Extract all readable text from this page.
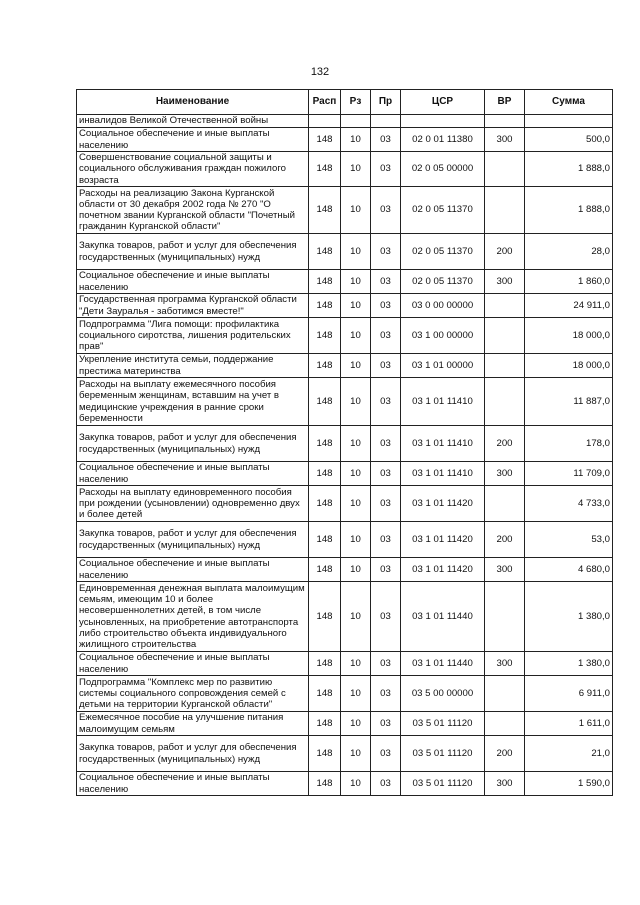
132
Наименование	Расп	Рз	Пр	ЦСР	ВР	Сумма
инвалидов Великой Отечественной войны						
Социальное обеспечение и иные выплаты населению	148	10	03	02 0 01 11380	300	500,0
Совершенствование социальной защиты и социального обслуживания граждан пожилого возраста	148	10	03	02 0 05 00000		1 888,0
Расходы на реализацию Закона Курганской области от 30 декабря 2002 года № 270 "О почетном звании Курганской области "Почетный гражданин Курганской области"	148	10	03	02 0 05 11370		1 888,0
Закупка товаров, работ и услуг для обеспечения государственных (муниципальных) нужд	148	10	03	02 0 05 11370	200	28,0
Социальное обеспечение и иные выплаты населению	148	10	03	02 0 05 11370	300	1 860,0
Государственная программа Курганской области "Дети Зауралья - заботимся вместе!"	148	10	03	03 0 00 00000		24 911,0
Подпрограмма "Лига помощи: профилактика социального сиротства, лишения родительских прав"	148	10	03	03 1 00 00000		18 000,0
Укрепление института семьи, поддержание престижа материнства	148	10	03	03 1 01 00000		18 000,0
Расходы на выплату ежемесячного пособия беременным женщинам, вставшим на учет в медицинские учреждения в ранние сроки беременности	148	10	03	03 1 01 11410		11 887,0
Закупка товаров, работ и услуг для обеспечения государственных (муниципальных) нужд	148	10	03	03 1 01 11410	200	178,0
Социальное обеспечение и иные выплаты населению	148	10	03	03 1 01 11410	300	11 709,0
Расходы на выплату единовременного пособия при рождении (усыновлении) одновременно двух и более детей	148	10	03	03 1 01 11420		4 733,0
Закупка товаров, работ и услуг для обеспечения государственных (муниципальных) нужд	148	10	03	03 1 01 11420	200	53,0
Социальное обеспечение и иные выплаты населению	148	10	03	03 1 01 11420	300	4 680,0
Единовременная денежная выплата малоимущим семьям, имеющим 10 и более несовершеннолетних детей, в том числе усыновленных, на приобретение автотранспорта либо строительство объекта индивидуального жилищного строительства	148	10	03	03 1 01 11440		1 380,0
Социальное обеспечение и иные выплаты населению	148	10	03	03 1 01 11440	300	1 380,0
Подпрограмма "Комплекс мер по развитию системы социального сопровождения семей с детьми на территории Курганской области"	148	10	03	03 5 00 00000		6 911,0
Ежемесячное пособие на улучшение питания малоимущим семьям	148	10	03	03 5 01 11120		1 611,0
Закупка товаров, работ и услуг для обеспечения государственных (муниципальных) нужд	148	10	03	03 5 01 11120	200	21,0
Социальное обеспечение и иные выплаты населению	148	10	03	03 5 01 11120	300	1 590,0
